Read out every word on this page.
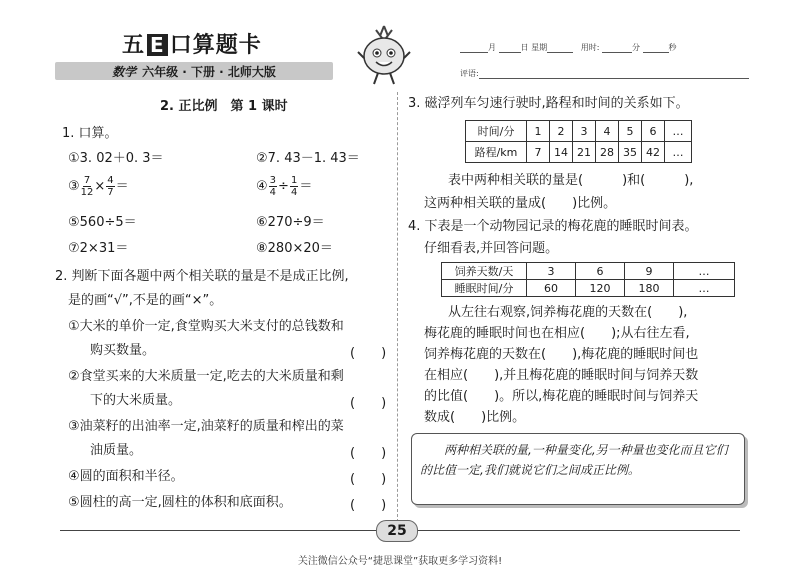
五 E 口算题卡
数学 六年级 · 下册 · 北师大版
月	日 星期	用时:	分	秒
评语:
2. 正比例　第 1 课时
1. 口算。
①3. 02＋0. 3＝	②7. 43－1. 43＝
③ $\frac{7}{12} \times \frac{4}{7}$ ＝	④ $\frac{3}{4} \div \frac{1}{4}$ ＝
⑤560÷5＝	⑥270÷9＝
⑦2×31＝	⑧280×20＝
2. 判断下面各题中两个相关联的量是不是成正比例,
是的画“√”,不是的画“×”。
①大米的单价一定,食堂购买大米支付的总钱数和
购买数量。	(　　)
②食堂买来的大米质量一定,吃去的大米质量和剩
下的大米质量。	(　　)
③油菜籽的出油率一定,油菜籽的质量和榨出的菜
油质量。	(　　)
④圆的面积和半径。	(　　)
⑤圆柱的高一定,圆柱的体积和底面积。	(　　)
3. 磁浮列车匀速行驶时,路程和时间的关系如下。
时间/分	1	2	3	4	5	6	…
路程/km	7	14	21	28	35	42	…
表中两种相关联的量是(　　　)和(　　　),
这两种相关联的量成(　　)比例。
4. 下表是一个动物园记录的梅花鹿的睡眠时间表。
仔细看表,并回答问题。
饲养天数/天	3	6	9	…
睡眠时间/分	60	120	180	…
从左往右观察,饲养梅花鹿的天数在(　　),
梅花鹿的睡眠时间也在相应(　　);从右往左看,
饲养梅花鹿的天数在(　　),梅花鹿的睡眠时间也
在相应(　　),并且梅花鹿的睡眠时间与饲养天数
的比值(　　)。所以,梅花鹿的睡眠时间与饲养天
数成(　　)比例。

两种相关联的量,一种量变化,另一种量也变化而且它们的比值一定,我们就说它们之间成正比例。

25
关注微信公众号“捷思课堂”获取更多学习资料!
